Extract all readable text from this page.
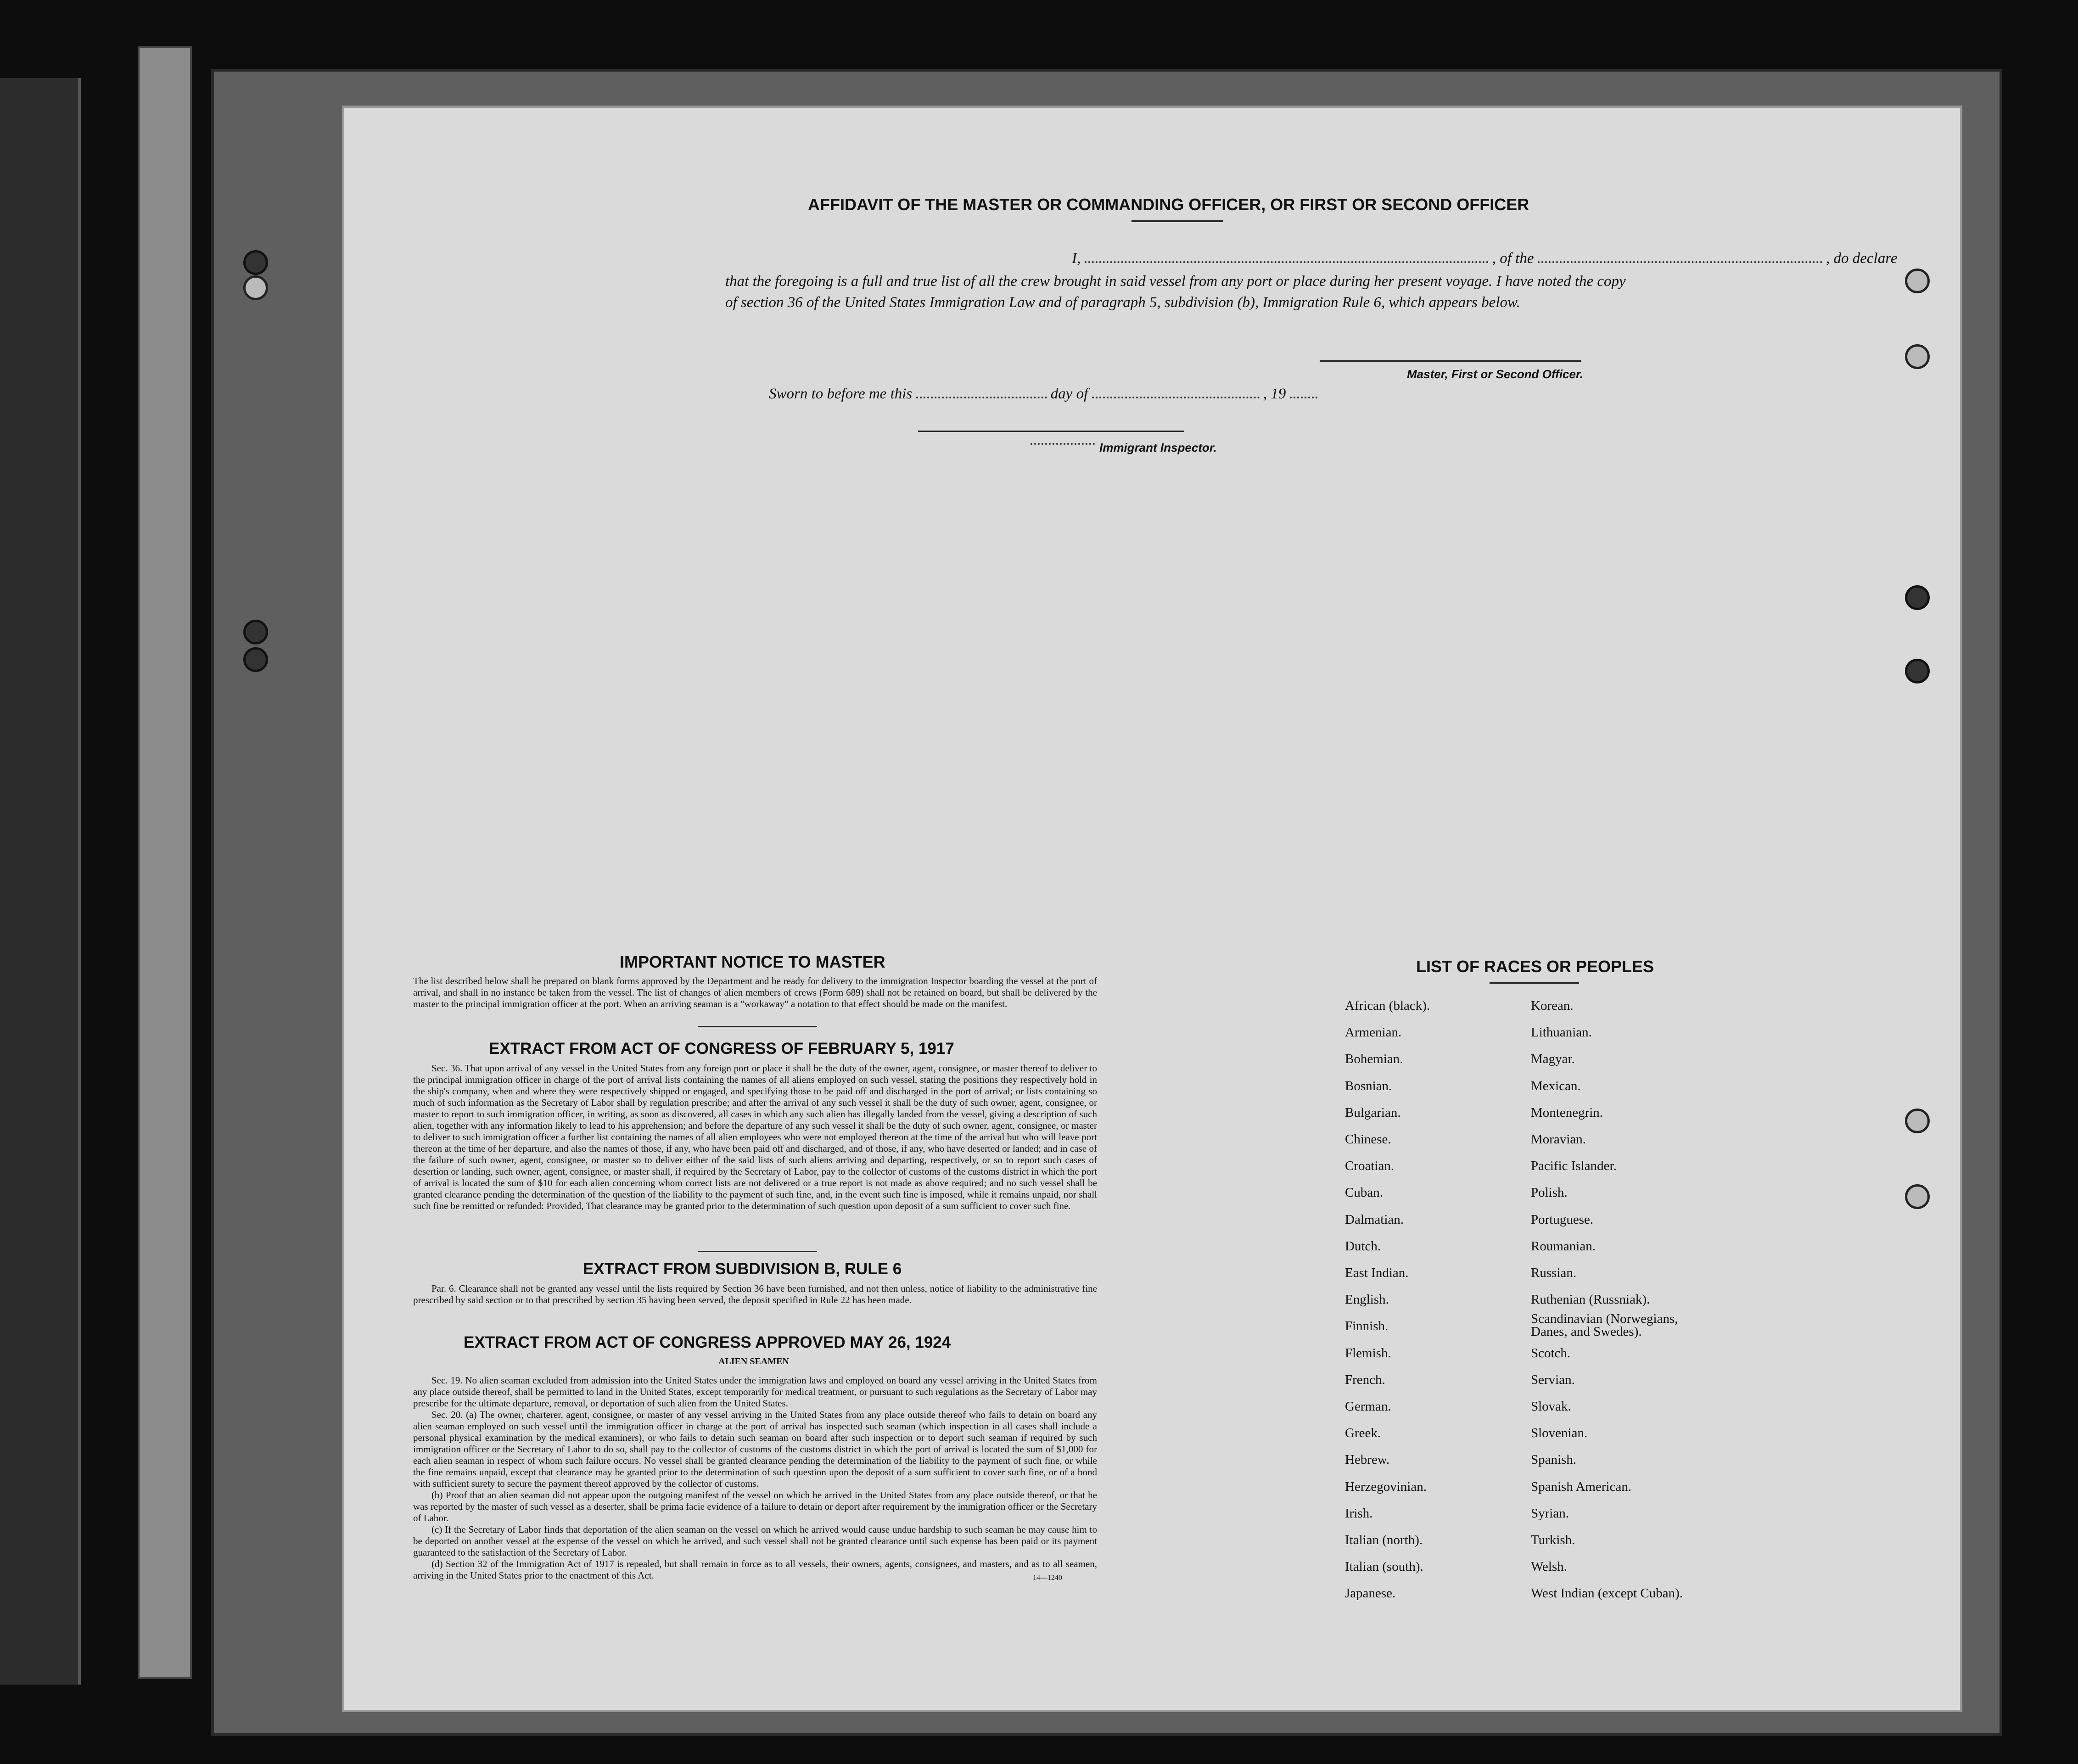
AFFIDAVIT OF THE MASTER OR COMMANDING OFFICER, OR FIRST OR SECOND OFFICER
I,	, of the	, do declare
that the foregoing is a full and true list of all the crew brought in said vessel from any port or place during her present voyage. I have noted the copy of section 36 of the United States Immigration Law and of paragraph 5, subdivision (b), Immigration Rule 6, which appears below.
Master, First or Second Officer.
Sworn to before me this	day of	, 19
Immigrant Inspector.
IMPORTANT NOTICE TO MASTER
The list described below shall be prepared on blank forms approved by the Department and be ready for delivery to the immigration Inspector boarding the vessel at the port of arrival, and shall in no instance be taken from the vessel. The list of changes of alien members of crews (Form 689) shall not be retained on board, but shall be delivered by the master to the principal immigration officer at the port. When an arriving seaman is a "workaway" a notation to that effect should be made on the manifest.
EXTRACT FROM ACT OF CONGRESS OF FEBRUARY 5, 1917

Sec. 36. That upon arrival of any vessel in the United States from any foreign port or place it shall be the duty of the owner, agent, consignee, or master thereof to deliver to the principal immigration officer in charge of the port of arrival lists containing the names of all aliens employed on such vessel, stating the positions they respectively hold in the ship's company, when and where they were respectively shipped or engaged, and specifying those to be paid off and discharged in the port of arrival; or lists containing so much of such information as the Secretary of Labor shall by regulation prescribe; and after the arrival of any such vessel it shall be the duty of such owner, agent, consignee, or master to report to such immigration officer, in writing, as soon as discovered, all cases in which any such alien has illegally landed from the vessel, giving a description of such alien, together with any information likely to lead to his apprehension; and before the departure of any such vessel it shall be the duty of such owner, agent, consignee, or master to deliver to such immigration officer a further list containing the names of all alien employees who were not employed thereon at the time of the arrival but who will leave port thereon at the time of her departure, and also the names of those, if any, who have been paid off and discharged, and of those, if any, who have deserted or landed; and in case of the failure of such owner, agent, consignee, or master so to deliver either of the said lists of such aliens arriving and departing, respectively, or so to report such cases of desertion or landing, such owner, agent, consignee, or master shall, if required by the Secretary of Labor, pay to the collector of customs of the customs district in which the port of arrival is located the sum of $10 for each alien concerning whom correct lists are not delivered or a true report is not made as above required; and no such vessel shall be granted clearance pending the determination of the question of the liability to the payment of such fine, and, in the event such fine is imposed, while it remains unpaid, nor shall such fine be remitted or refunded: Provided, That clearance may be granted prior to the determination of such question upon deposit of a sum sufficient to cover such fine.

EXTRACT FROM SUBDIVISION B, RULE 6

Par. 6. Clearance shall not be granted any vessel until the lists required by Section 36 have been furnished, and not then unless, notice of liability to the administrative fine prescribed by said section or to that prescribed by section 35 having been served, the deposit specified in Rule 22 has been made.

EXTRACT FROM ACT OF CONGRESS APPROVED MAY 26, 1924
ALIEN SEAMEN

Sec. 19. No alien seaman excluded from admission into the United States under the immigration laws and employed on board any vessel arriving in the United States from any place outside thereof, shall be permitted to land in the United States, except temporarily for medical treatment, or pursuant to such regulations as the Secretary of Labor may prescribe for the ultimate departure, removal, or deportation of such alien from the United States.

Sec. 20. (a) The owner, charterer, agent, consignee, or master of any vessel arriving in the United States from any place outside thereof who fails to detain on board any alien seaman employed on such vessel until the immigration officer in charge at the port of arrival has inspected such seaman (which inspection in all cases shall include a personal physical examination by the medical examiners), or who fails to detain such seaman on board after such inspection or to deport such seaman if required by such immigration officer or the Secretary of Labor to do so, shall pay to the collector of customs of the customs district in which the port of arrival is located the sum of $1,000 for each alien seaman in respect of whom such failure occurs. No vessel shall be granted clearance pending the determination of the liability to the payment of such fine, or while the fine remains unpaid, except that clearance may be granted prior to the determination of such question upon the deposit of a sum sufficient to cover such fine, or of a bond with sufficient surety to secure the payment thereof approved by the collector of customs.

(b) Proof that an alien seaman did not appear upon the outgoing manifest of the vessel on which he arrived in the United States from any place outside thereof, or that he was reported by the master of such vessel as a deserter, shall be prima facie evidence of a failure to detain or deport after requirement by the immigration officer or the Secretary of Labor.

(c) If the Secretary of Labor finds that deportation of the alien seaman on the vessel on which he arrived would cause undue hardship to such seaman he may cause him to be deported on another vessel at the expense of the vessel on which he arrived, and such vessel shall not be granted clearance until such expense has been paid or its payment guaranteed to the satisfaction of the Secretary of Labor.

(d) Section 32 of the Immigration Act of 1917 is repealed, but shall remain in force as to all vessels, their owners, agents, consignees, and masters, and as to all seamen, arriving in the United States prior to the enactment of this Act.	14—1240
LIST OF RACES OR PEOPLES
African (black).
Armenian.
Bohemian.
Bosnian.
Bulgarian.
Chinese.
Croatian.
Cuban.
Dalmatian.
Dutch.
East Indian.
English.
Finnish.
Flemish.
French.
German.
Greek.
Hebrew.
Herzegovinian.
Irish.
Italian (north).
Italian (south).
Japanese.
Korean.
Lithuanian.
Magyar.
Mexican.
Montenegrin.
Moravian.
Pacific Islander.
Polish.
Portuguese.
Roumanian.
Russian.
Ruthenian (Russniak).
Scandinavian (Norwegians, Danes, and Swedes).
Scotch.
Servian.
Slovak.
Slovenian.
Spanish.
Spanish American.
Syrian.
Turkish.
Welsh.
West Indian (except Cuban).
